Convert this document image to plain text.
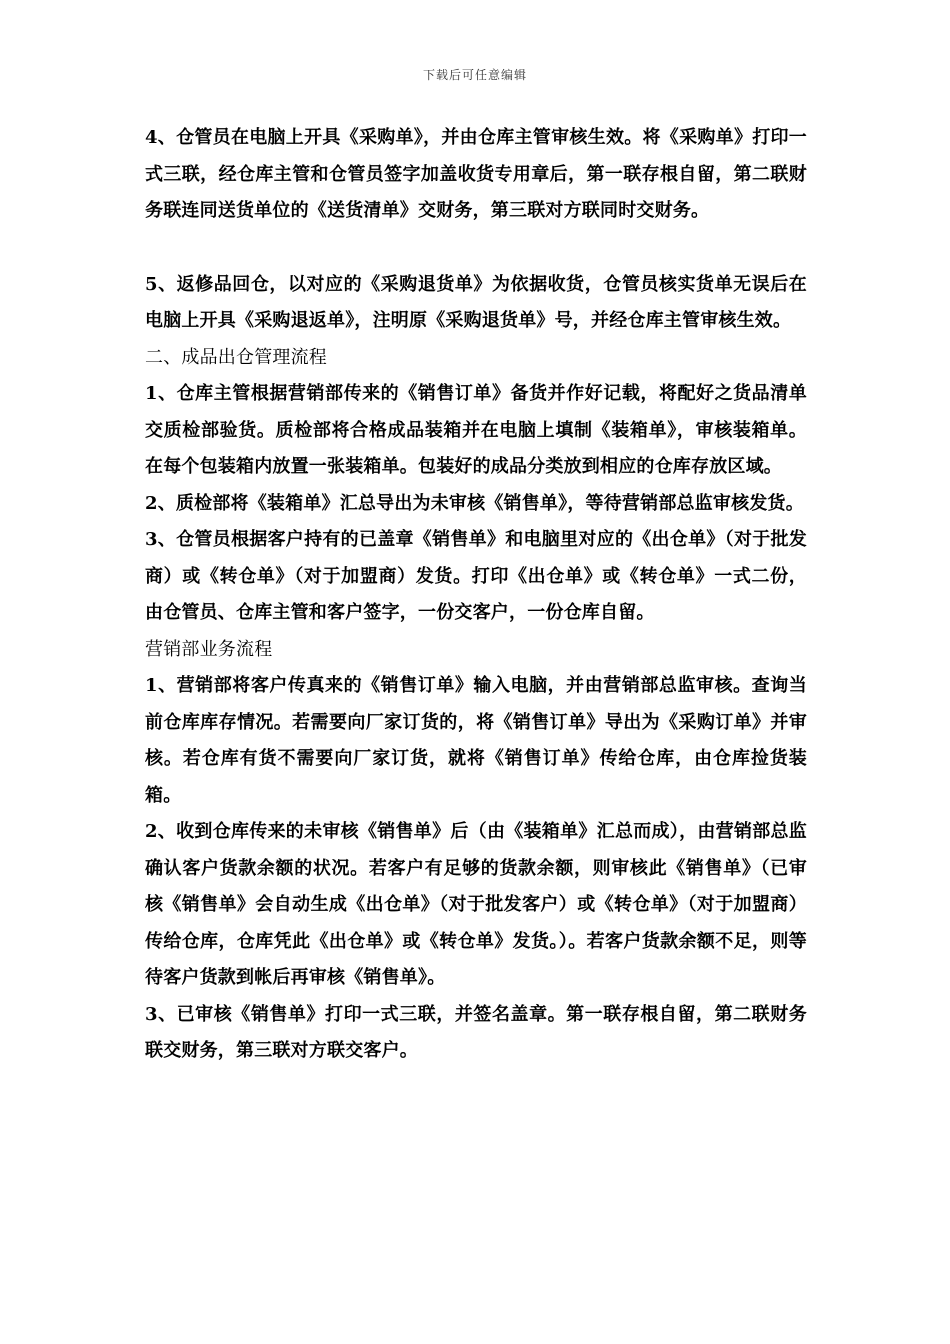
下载后可任意编辑

4、仓管员在电脑上开具《采购单》，并由仓库主管审核生效。将《采购单》打印一式三联，经仓库主管和仓管员签字加盖收货专用章后，第一联存根自留，第二联财务联连同送货单位的《送货清单》交财务，第三联对方联同时交财务。

5、返修品回仓，以对应的《采购退货单》为依据收货，仓管员核实货单无误后在电脑上开具《采购退返单》，注明原《采购退货单》号，并经仓库主管审核生效。

二、成品出仓管理流程

1、仓库主管根据营销部传来的《销售订单》备货并作好记载，将配好之货品清单交质检部验货。质检部将合格成品装箱并在电脑上填制《装箱单》，审核装箱单。在每个包装箱内放置一张装箱单。包装好的成品分类放到相应的仓库存放区域。

2、质检部将《装箱单》汇总导出为未审核《销售单》，等待营销部总监审核发货。

3、仓管员根据客户持有的已盖章《销售单》和电脑里对应的《出仓单》（对于批发商）或《转仓单》（对于加盟商）发货。打印《出仓单》或《转仓单》一式二份，由仓管员、仓库主管和客户签字，一份交客户，一份仓库自留。

营销部业务流程

1、营销部将客户传真来的《销售订单》输入电脑，并由营销部总监审核。查询当前仓库库存情况。若需要向厂家订货的，将《销售订单》导出为《采购订单》并审核。若仓库有货不需要向厂家订货，就将《销售订单》传给仓库，由仓库捡货装箱。

2、收到仓库传来的未审核《销售单》后（由《装箱单》汇总而成），由营销部总监确认客户货款余额的状况。若客户有足够的货款余额，则审核此《销售单》（已审核《销售单》会自动生成《出仓单》（对于批发客户）或《转仓单》（对于加盟商）传给仓库，仓库凭此《出仓单》或《转仓单》发货。）。若客户货款余额不足，则等待客户货款到帐后再审核《销售单》。

3、已审核《销售单》打印一式三联，并签名盖章。第一联存根自留，第二联财务联交财务，第三联对方联交客户。
